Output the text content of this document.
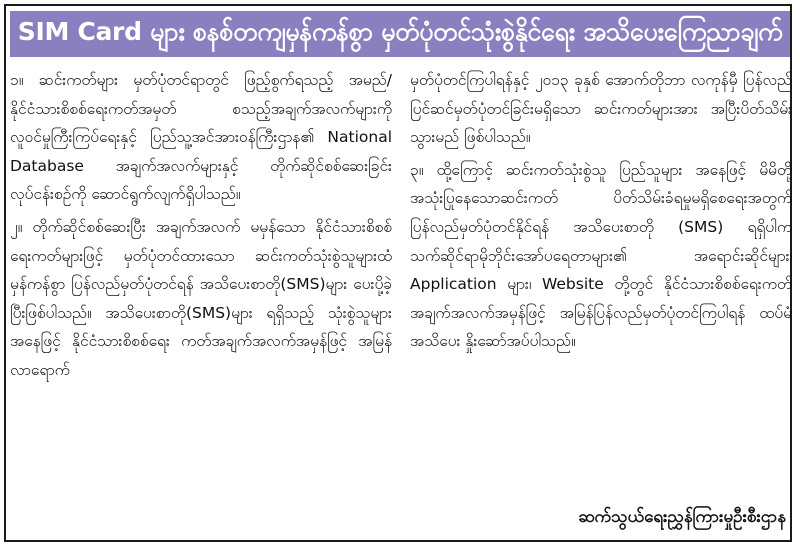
SIM Card များ စနစ်တကျမှန်ကန်စွာ မှတ်ပုံတင်သုံးစွဲနိုင်ရေး အသိပေးကြေညာချက်

၁။ ဆင်းကတ်များ မှတ်ပုံတင်ရာတွင် ဖြည့်စွက်ရသည့် အမည်/နိုင်ငံသားစိစစ်ရေးကတ်အမှတ် စသည့်အချက်အလက်များကို လူဝင်မှုကြီးကြပ်ရေးနှင့် ပြည်သူ့အင်အားဝန်ကြီးဌာန၏ National Database အချက်အလက်များနှင့် တိုက်ဆိုင်စစ်ဆေးခြင်း လုပ်ငန်းစဉ်ကို ဆောင်ရွက်လျက်ရှိပါသည်။

၂။ တိုက်ဆိုင်စစ်ဆေးပြီး အချက်အလက် မမှန်သော နိုင်ငံသားစိစစ်ရေးကတ်များဖြင့် မှတ်ပုံတင်ထားသော ဆင်းကတ်သုံးစွဲသူများထံ မှန်ကန်စွာ ပြန်လည်မှတ်ပုံတင်ရန် အသိပေးစာတို(SMS)များ ပေးပို့ခဲ့ပြီးဖြစ်ပါသည်။ အသိပေးစာတို(SMS)များ ရရှိသည့် သုံးစွဲသူများအနေဖြင့် နိုင်ငံသားစိစစ်ရေး ကတ်အချက်အလက်အမှန်ဖြင့် အမြန်လာရောက်

မှတ်ပုံတင်ကြပါရန်နှင့် ၂၀၁၃ ခုနှစ် အောက်တိုဘာ လကုန်မှီ ပြန်လည်ပြင်ဆင်မှတ်ပုံတင်ခြင်းမရှိသော ဆင်းကတ်များအား အပြီးပိတ်သိမ်းသွားမည် ဖြစ်ပါသည်။

၃။ ထို့ကြောင့် ဆင်းကတ်သုံးစွဲသူ ပြည်သူများ အနေဖြင့် မိမိတို့အသုံးပြုနေသောဆင်းကတ် ပိတ်သိမ်းခံရမှုမရှိစေရေးအတွက် ပြန်လည်မှတ်ပုံတင်နိုင်ရန် အသိပေးစာတို (SMS) ရရှိပါက သက်ဆိုင်ရာမိုဘိုင်းအော်ပရေတာများ၏ အရောင်းဆိုင်များ၊ Application များ၊ Website တို့တွင် နိုင်ငံသားစိစစ်ရေးကတ် အချက်အလက်အမှန်ဖြင့် အမြန်ပြန်လည်မှတ်ပုံတင်ကြပါရန် ထပ်မံအသိပေး နှိုးဆော်အပ်ပါသည်။

ဆက်သွယ်ရေးညွှန်ကြားမှုဦးစီးဌာန
